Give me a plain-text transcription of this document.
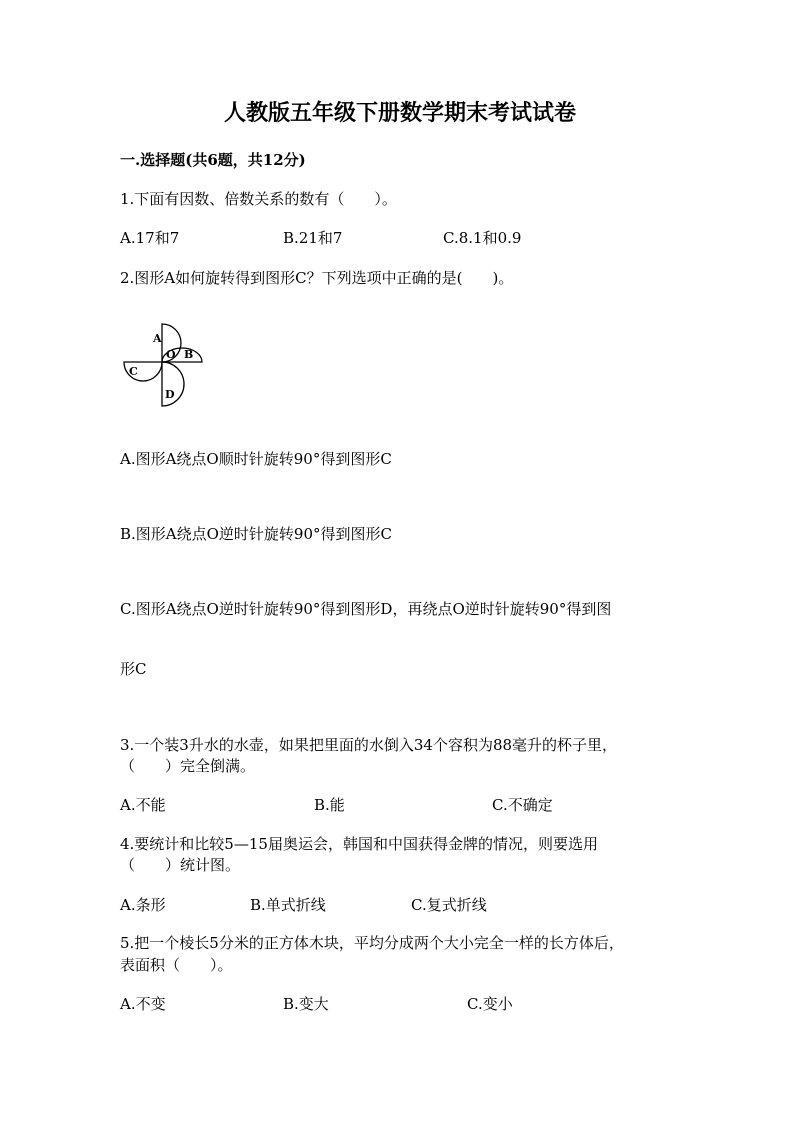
人教版五年级下册数学期末考试试卷
一.选择题(共6题，共12分)
1.下面有因数、倍数关系的数有（　　）。
A.17和7	B.21和7	C.8.1和0.9
2.图形A如何旋转得到图形C？下列选项中正确的是(　　)。
A
O B
C
D
A.图形A绕点O顺时针旋转90°得到图形C
B.图形A绕点O逆时针旋转90°得到图形C
C.图形A绕点O逆时针旋转90°得到图形D，再绕点O逆时针旋转90°得到图
形C
3.一个装3升水的水壶，如果把里面的水倒入34个容积为88毫升的杯子里，
（　　）完全倒满。
A.不能	B.能	C.不确定
4.要统计和比较5—15届奥运会，韩国和中国获得金牌的情况，则要选用
（　　）统计图。
A.条形	B.单式折线	C.复式折线
5.把一个棱长5分米的正方体木块，平均分成两个大小完全一样的长方体后，
表面积（　　）。
A.不变	B.变大	C.变小
